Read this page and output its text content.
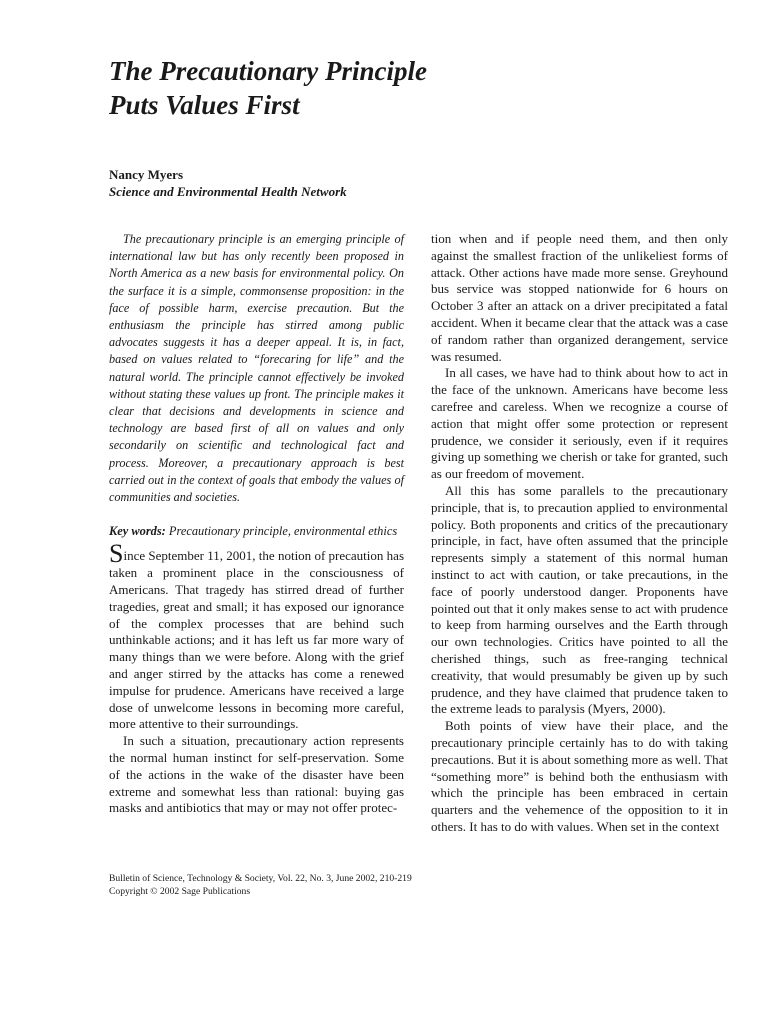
The Precautionary Principle
Puts Values First
Nancy Myers
Science and Environmental Health Network

The precautionary principle is an emerging principle of international law but has only recently been proposed in North America as a new basis for environmental policy. On the surface it is a simple, commonsense proposition: in the face of possible harm, exercise precaution. But the enthusiasm the principle has stirred among public advocates suggests it has a deeper appeal. It is, in fact, based on values related to “forecaring for life” and the natural world. The principle cannot effectively be invoked without stating these values up front. The principle makes it clear that decisions and developments in science and technology are based first of all on values and only secondarily on scientific and technological fact and process. Moreover, a precautionary approach is best carried out in the context of goals that embody the values of communities and societies.

Key words: Precautionary principle, environmental ethics

Since September 11, 2001, the notion of precaution has taken a prominent place in the consciousness of Americans. That tragedy has stirred dread of further tragedies, great and small; it has exposed our ignorance of the complex processes that are behind such unthinkable actions; and it has left us far more wary of many things than we were before. Along with the grief and anger stirred by the attacks has come a renewed impulse for prudence. Americans have received a large dose of unwelcome lessons in becoming more careful, more attentive to their surroundings.

In such a situation, precautionary action represents the normal human instinct for self-preservation. Some of the actions in the wake of the disaster have been extreme and somewhat less than rational: buying gas masks and antibiotics that may or may not offer protec-

tion when and if people need them, and then only against the smallest fraction of the unlikeliest forms of attack. Other actions have made more sense. Greyhound bus service was stopped nationwide for 6 hours on October 3 after an attack on a driver precipitated a fatal accident. When it became clear that the attack was a case of random rather than organized derangement, service was resumed.

In all cases, we have had to think about how to act in the face of the unknown. Americans have become less carefree and careless. When we recognize a course of action that might offer some protection or represent prudence, we consider it seriously, even if it requires giving up something we cherish or take for granted, such as our freedom of movement.

All this has some parallels to the precautionary principle, that is, to precaution applied to environmental policy. Both proponents and critics of the precautionary principle, in fact, have often assumed that the principle represents simply a statement of this normal human instinct to act with caution, or take precautions, in the face of poorly understood danger. Proponents have pointed out that it only makes sense to act with prudence to keep from harming ourselves and the Earth through our own technologies. Critics have pointed to all the cherished things, such as free-ranging technical creativity, that would presumably be given up by such prudence, and they have claimed that prudence taken to the extreme leads to paralysis (Myers, 2000).

Both points of view have their place, and the precautionary principle certainly has to do with taking precautions. But it is about something more as well. That “something more” is behind both the enthusiasm with which the principle has been embraced in certain quarters and the vehemence of the opposition to it in others. It has to do with values. When set in the context

Bulletin of Science, Technology & Society, Vol. 22, No. 3, June 2002, 210-219
Copyright © 2002 Sage Publications
